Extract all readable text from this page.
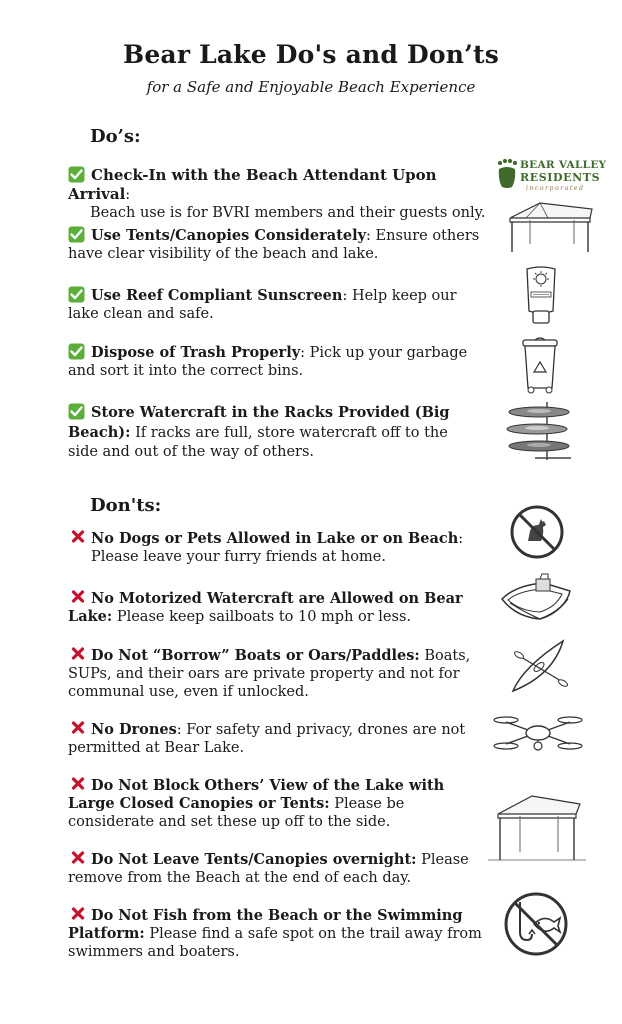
Bear Lake Do's and Don’ts
for a Safe and Enjoyable Beach Experience
Do’s:
Check-In with the Beach Attendant Upon Arrival:
Beach use is for BVRI members and their guests only.
Use Tents/Canopies Considerately: Ensure others have clear visibility of the beach and lake.
Use Reef Compliant Sunscreen: Help keep our lake clean and safe.
Dispose of Trash Properly: Pick up your garbage and sort it into the correct bins.
Store Watercraft in the Racks Provided (Big Beach): If racks are full, store watercraft off to the side and out of the way of others.
Don'ts:
No Dogs or Pets Allowed in Lake or on Beach:
Please leave your furry friends at home.
No Motorized Watercraft are Allowed on Bear Lake: Please keep sailboats to 10 mph or less.
Do Not “Borrow” Boats or Oars/Paddles: Boats, SUPs, and their oars are private property and not for communal use, even if unlocked.
No Drones: For safety and privacy, drones are not permitted at Bear Lake.
Do Not Block Others’ View of the Lake with Large Closed Canopies or Tents: Please be considerate and set these up off to the side.
Do Not Leave Tents/Canopies overnight: Please remove from the Beach at the end of each day.
Do Not Fish from the Beach or the Swimming Platform: Please find a safe spot on the trail away from swimmers and boaters.
BEAR VALLEY
RESIDENTS
incorporated
